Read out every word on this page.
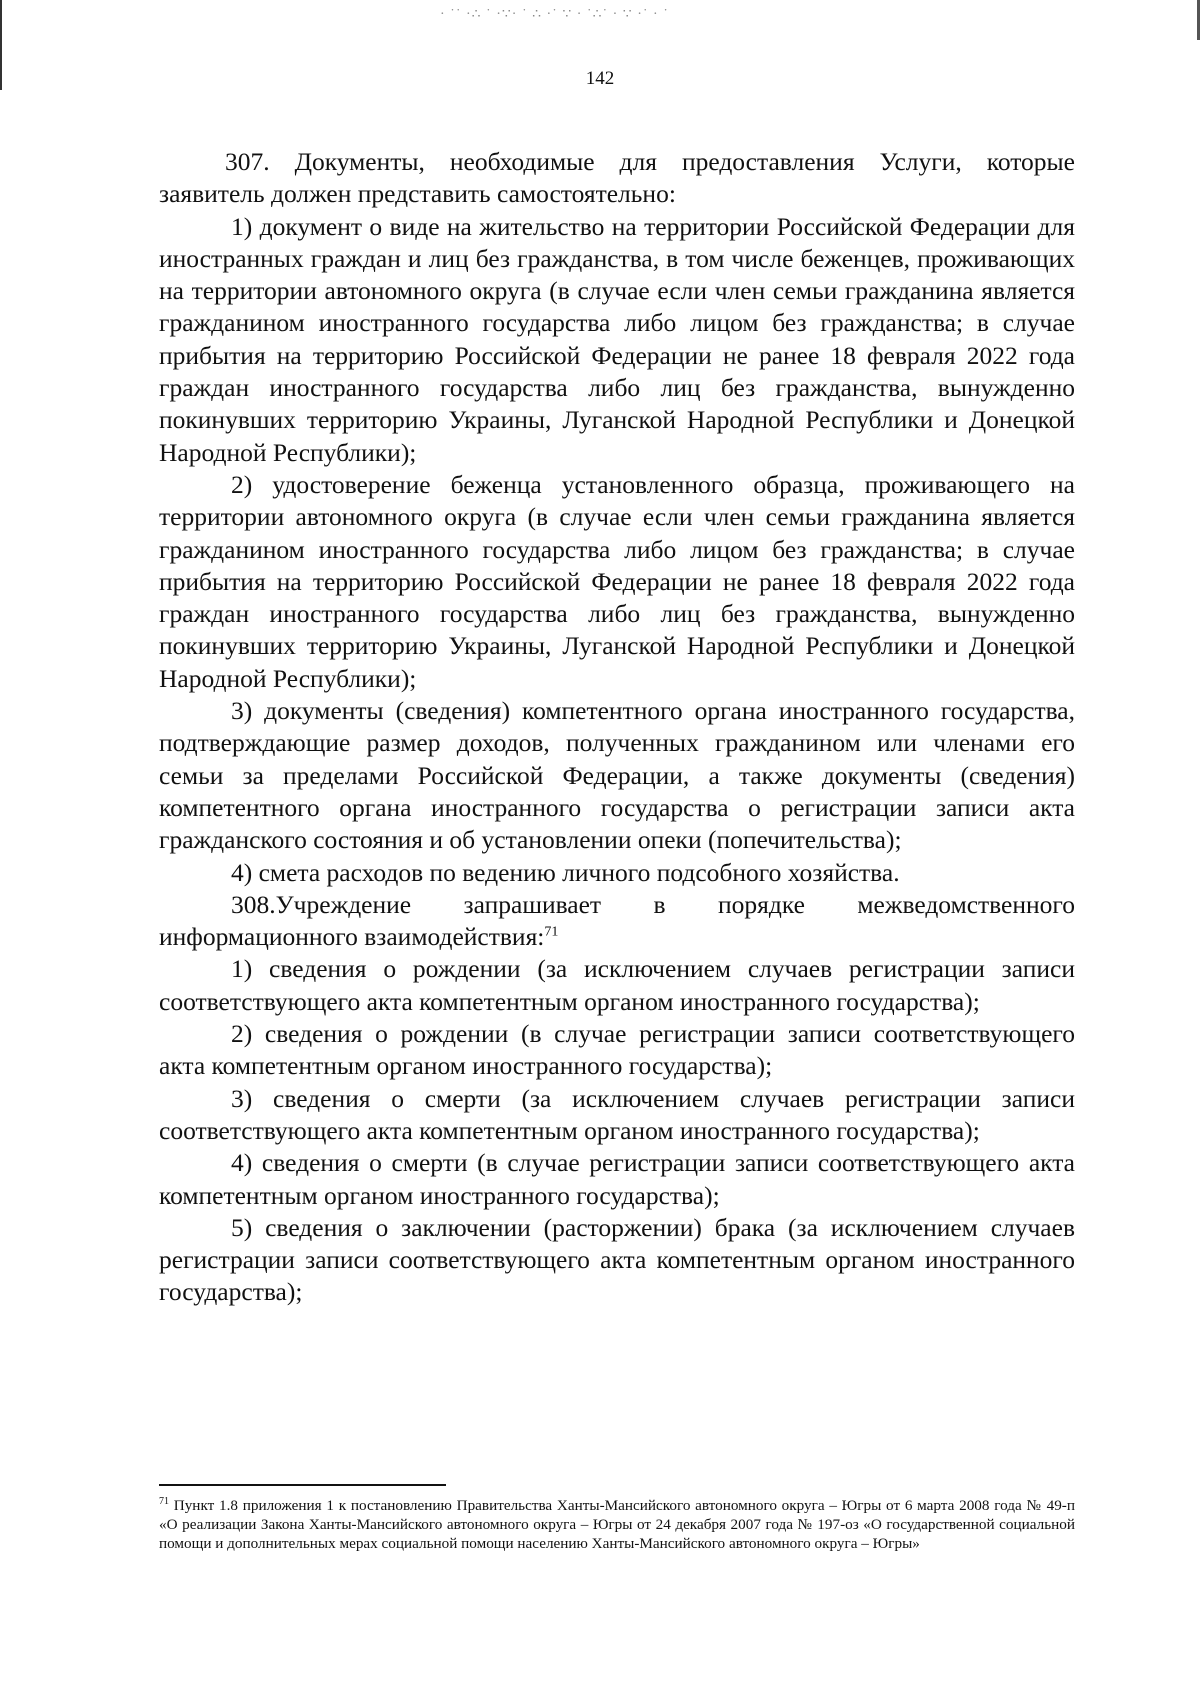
· ˙˙ ·∴ ˙ ·∵· ˙ ∴ ·˙ ∵ · ˙∴˙ · ∵ ·˙ · ˙
142

307. Документы, необходимые для предоставления Услуги, которые заявитель должен представить самостоятельно:

1) документ о виде на жительство на территории Российской Федерации для иностранных граждан и лиц без гражданства, в том числе беженцев, проживающих на территории автономного округа (в случае если член семьи гражданина является гражданином иностранного государства либо лицом без гражданства; в случае прибытия на территорию Российской Федерации не ранее 18 февраля 2022 года граждан иностранного государства либо лиц без гражданства, вынужденно покинувших территорию Украины, Луганской Народной Республики и Донецкой Народной Республики);

2) удостоверение беженца установленного образца, проживающего на территории автономного округа (в случае если член семьи гражданина является гражданином иностранного государства либо лицом без гражданства; в случае прибытия на территорию Российской Федерации не ранее 18 февраля 2022 года граждан иностранного государства либо лиц без гражданства, вынужденно покинувших территорию Украины, Луганской Народной Республики и Донецкой Народной Республики);

3) документы (сведения) компетентного органа иностранного государства, подтверждающие размер доходов, полученных гражданином или членами его семьи за пределами Российской Федерации, а также документы (сведения) компетентного органа иностранного государства о регистрации записи акта гражданского состояния и об установлении опеки (попечительства);

4) смета расходов по ведению личного подсобного хозяйства.

308.Учреждение запрашивает в порядке межведомственного информационного взаимодействия:$^{71}$

1) сведения о рождении (за исключением случаев регистрации записи соответствующего акта компетентным органом иностранного государства);

2) сведения о рождении (в случае регистрации записи соответствующего акта компетентным органом иностранного государства);

3) сведения о смерти (за исключением случаев регистрации записи соответствующего акта компетентным органом иностранного государства);

4) сведения о смерти (в случае регистрации записи соответствующего акта компетентным органом иностранного государства);

5) сведения о заключении (расторжении) брака (за исключением случаев регистрации записи соответствующего акта компетентным органом иностранного государства);

$^{71}$ Пункт 1.8 приложения 1 к постановлению Правительства Ханты-Мансийского автономного округа – Югры от 6 марта 2008 года № 49-п «О реализации Закона Ханты-Мансийского автономного округа – Югры от 24 декабря 2007 года № 197-оз «О государственной социальной помощи и дополнительных мерах социальной помощи населению Ханты-Мансийского автономного округа – Югры»
